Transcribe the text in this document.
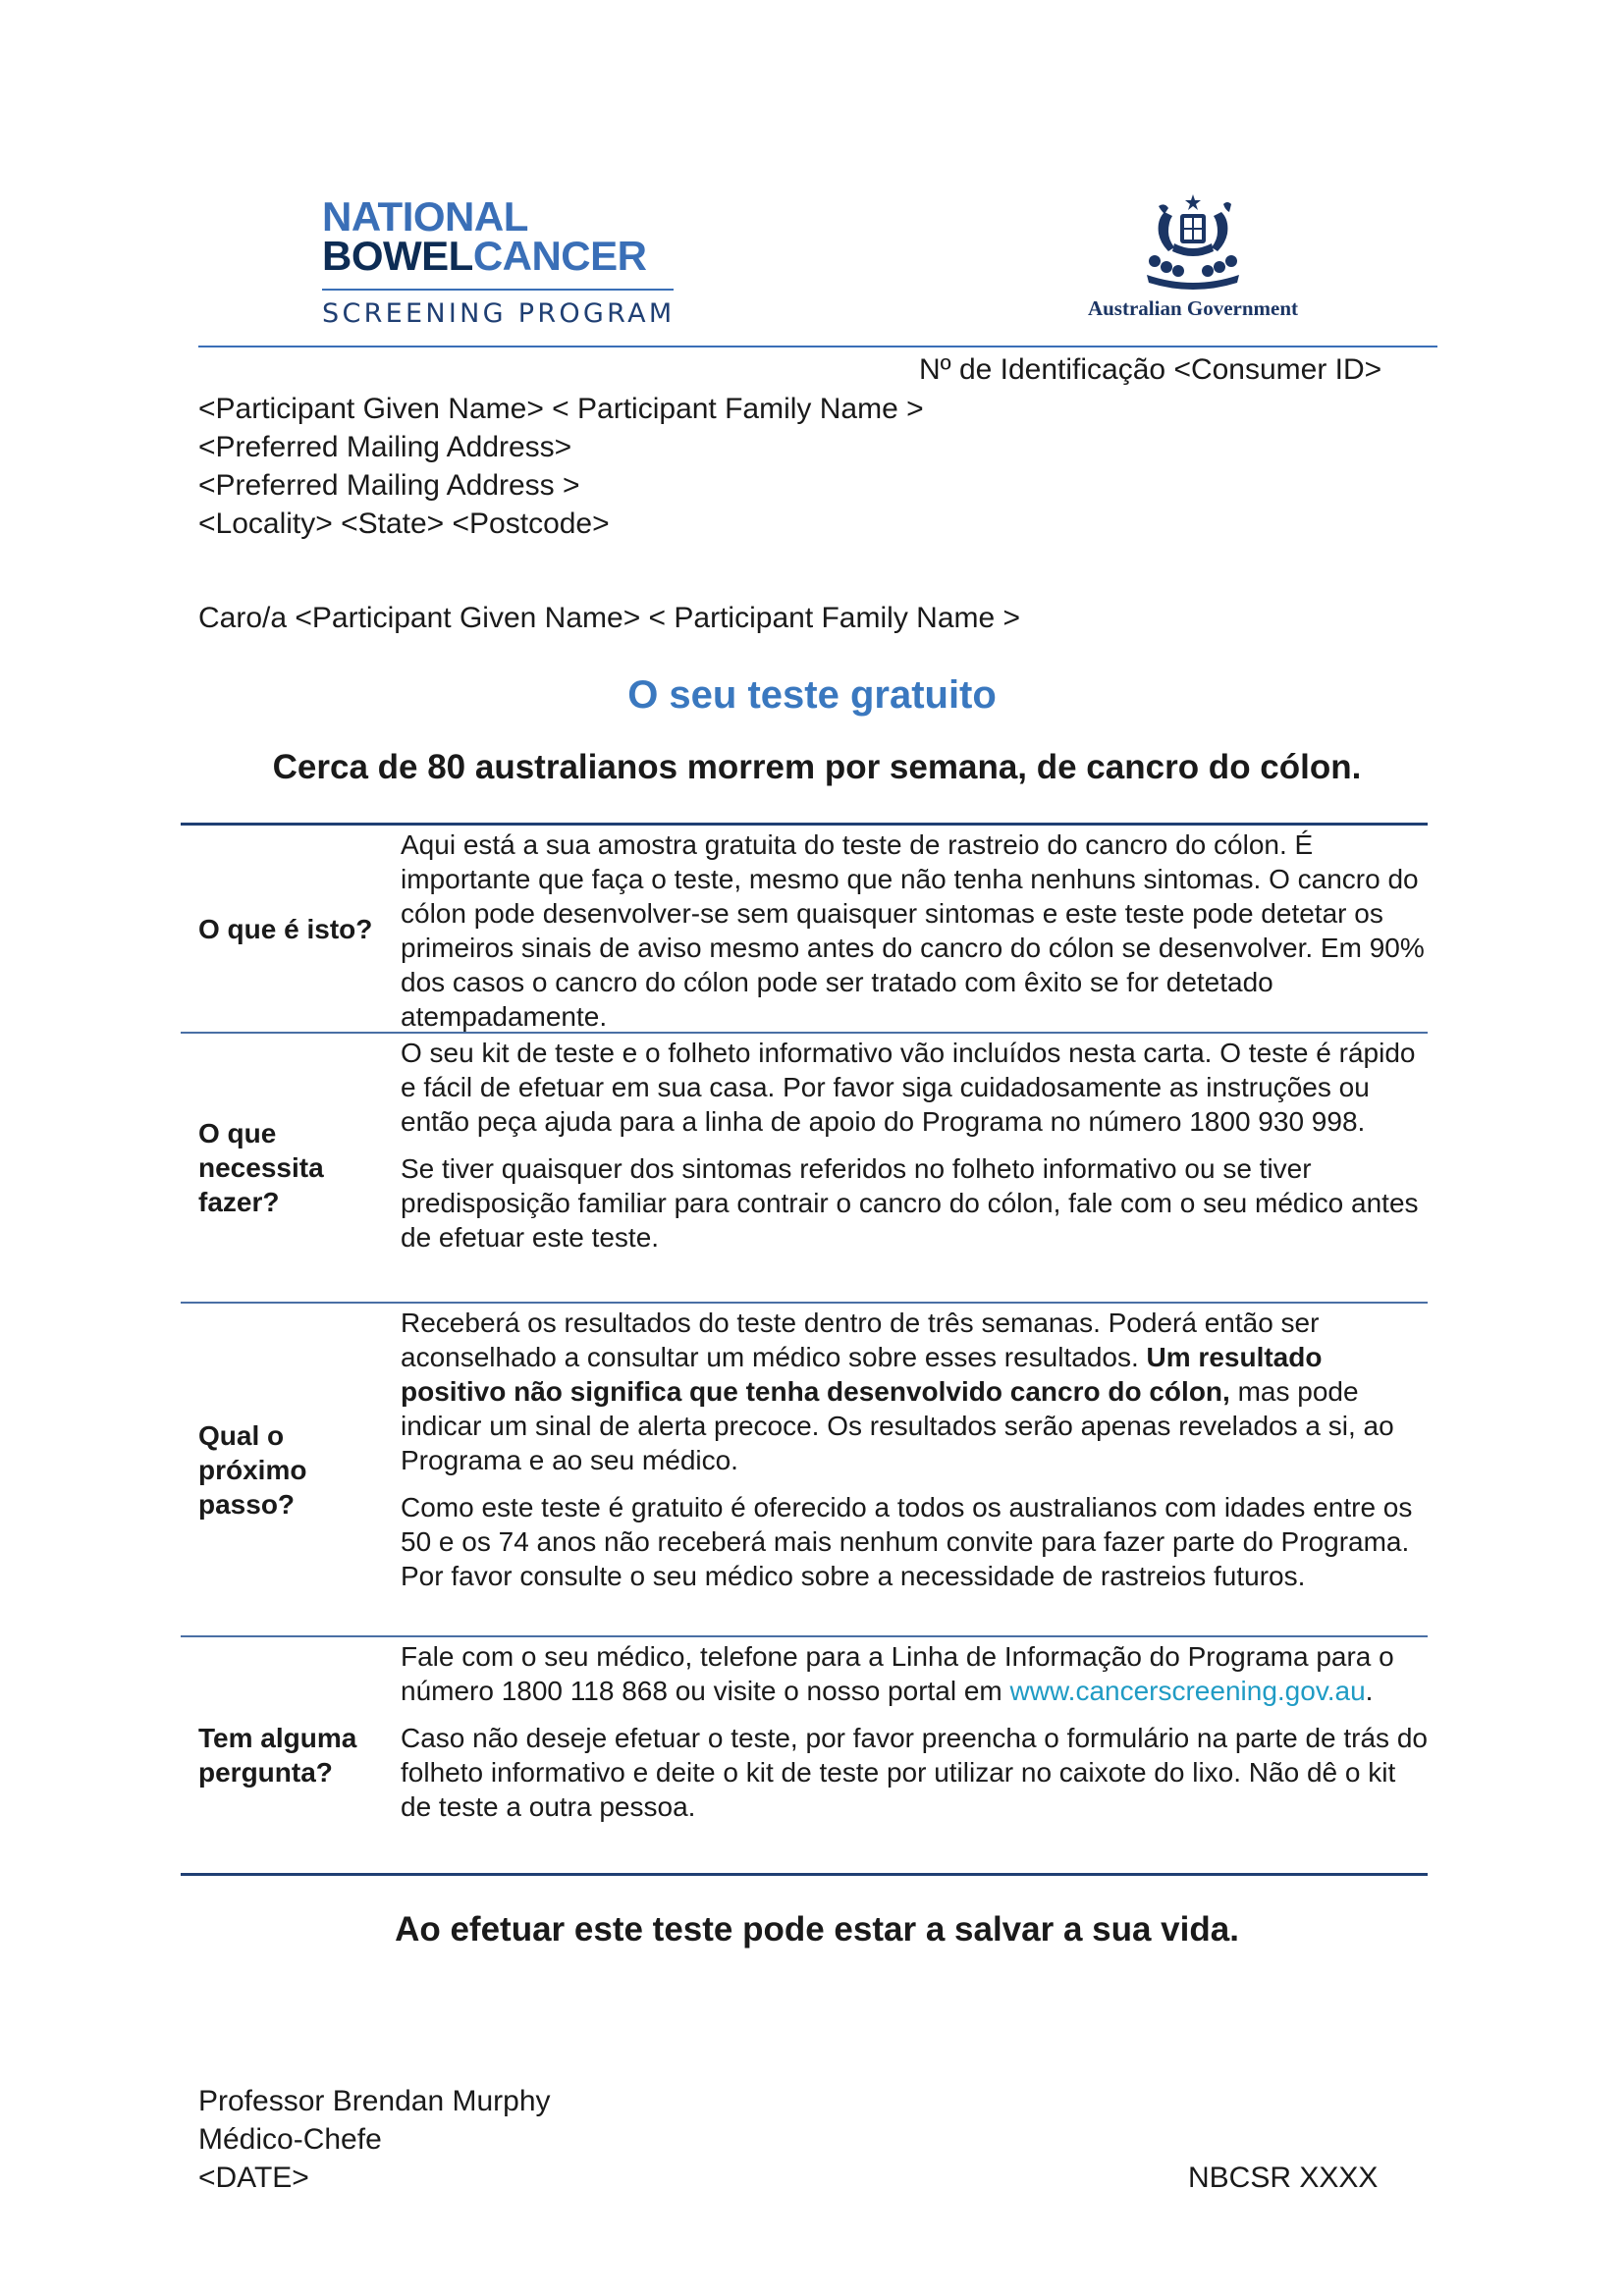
NATIONAL
BOWELCANCER
SCREENING PROGRAM	Australian Government
Nº de Identificação <Consumer ID>
<Participant Given Name> < Participant Family Name >
<Preferred Mailing Address>
<Preferred Mailing Address >
<Locality> <State> <Postcode>
Caro/a <Participant Given Name> < Participant Family Name >
O seu teste gratuito
Cerca de 80 australianos morrem por semana, de cancro do cólon.
O que é isto?

Aqui está a sua amostra gratuita do teste de rastreio do cancro do cólon. É importante que faça o teste, mesmo que não tenha nenhuns sintomas. O cancro do cólon pode desenvolver-se sem quaisquer sintomas e este teste pode detetar os primeiros sinais de aviso mesmo antes do cancro do cólon se desenvolver. Em 90% dos casos o cancro do cólon pode ser tratado com êxito se for detetado atempadamente.

O que necessita fazer?

O seu kit de teste e o folheto informativo vão incluídos nesta carta. O teste é rápido e fácil de efetuar em sua casa. Por favor siga cuidadosamente as instruções ou então peça ajuda para a linha de apoio do Programa no número 1800 930 998.

Se tiver quaisquer dos sintomas referidos no folheto informativo ou se tiver predisposição familiar para contrair o cancro do cólon, fale com o seu médico antes de efetuar este teste.

Qual o próximo passo?

Receberá os resultados do teste dentro de três semanas. Poderá então ser aconselhado a consultar um médico sobre esses resultados. Um resultado positivo não significa que tenha desenvolvido cancro do cólon, mas pode indicar um sinal de alerta precoce. Os resultados serão apenas revelados a si, ao Programa e ao seu médico.

Como este teste é gratuito é oferecido a todos os australianos com idades entre os 50 e os 74 anos não receberá mais nenhum convite para fazer parte do Programa. Por favor consulte o seu médico sobre a necessidade de rastreios futuros.

Tem alguma pergunta?

Fale com o seu médico, telefone para a Linha de Informação do Programa para o número 1800 118 868 ou visite o nosso portal em www.cancerscreening.gov.au.

Caso não deseje efetuar o teste, por favor preencha o formulário na parte de trás do folheto informativo e deite o kit de teste por utilizar no caixote do lixo. Não dê o kit de teste a outra pessoa.

Ao efetuar este teste pode estar a salvar a sua vida.
Professor Brendan Murphy
Médico-Chefe
<DATE>	NBCSR XXXX
